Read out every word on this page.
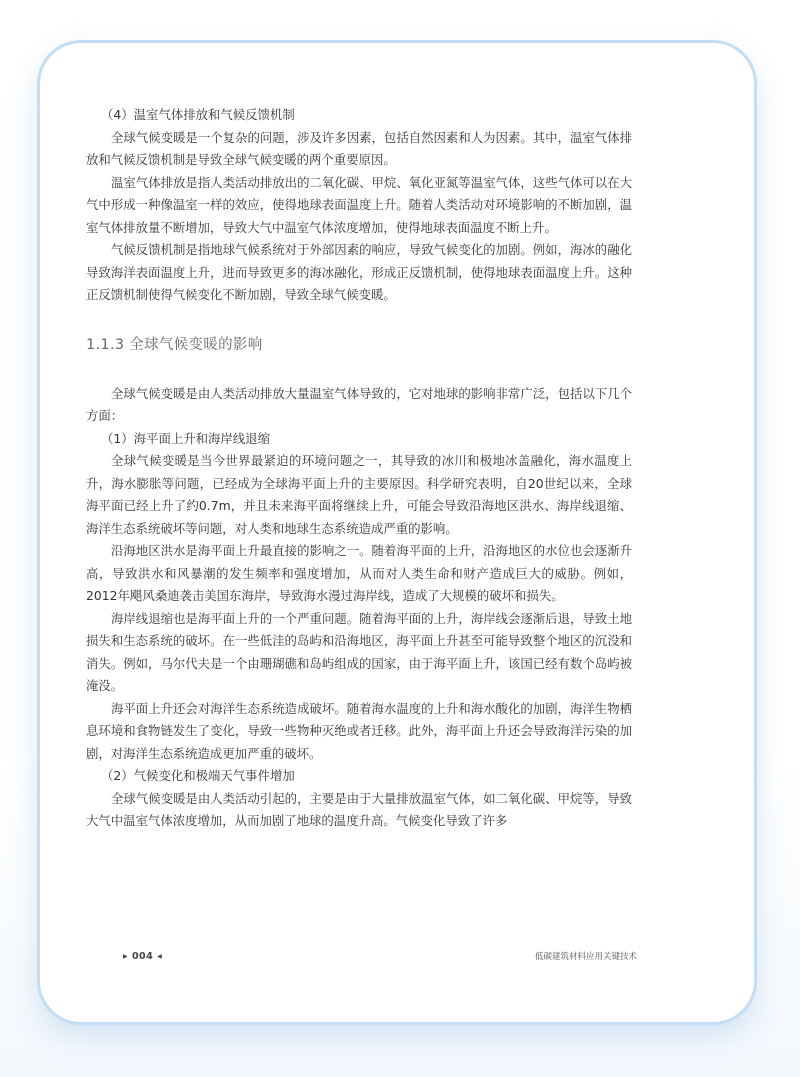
（4）温室气体排放和气候反馈机制

全球气候变暖是一个复杂的问题，涉及许多因素，包括自然因素和人为因素。其中，温室气体排放和气候反馈机制是导致全球气候变暖的两个重要原因。

温室气体排放是指人类活动排放出的二氧化碳、甲烷、氧化亚氮等温室气体，这些气体可以在大气中形成一种像温室一样的效应，使得地球表面温度上升。随着人类活动对环境影响的不断加剧，温室气体排放量不断增加，导致大气中温室气体浓度增加，使得地球表面温度不断上升。

气候反馈机制是指地球气候系统对于外部因素的响应，导致气候变化的加剧。例如，海冰的融化导致海洋表面温度上升，进而导致更多的海冰融化，形成正反馈机制，使得地球表面温度上升。这种正反馈机制使得气候变化不断加剧，导致全球气候变暖。

1.1.3 全球气候变暖的影响

全球气候变暖是由人类活动排放大量温室气体导致的，它对地球的影响非常广泛，包括以下几个方面：

（1）海平面上升和海岸线退缩

全球气候变暖是当今世界最紧迫的环境问题之一，其导致的冰川和极地冰盖融化，海水温度上升，海水膨胀等问题，已经成为全球海平面上升的主要原因。科学研究表明，自20世纪以来，全球海平面已经上升了约0.7m，并且未来海平面将继续上升，可能会导致沿海地区洪水、海岸线退缩、海洋生态系统破坏等问题，对人类和地球生态系统造成严重的影响。

沿海地区洪水是海平面上升最直接的影响之一。随着海平面的上升，沿海地区的水位也会逐渐升高，导致洪水和风暴潮的发生频率和强度增加，从而对人类生命和财产造成巨大的威胁。例如，2012年飓风桑迪袭击美国东海岸，导致海水漫过海岸线，造成了大规模的破坏和损失。

海岸线退缩也是海平面上升的一个严重问题。随着海平面的上升，海岸线会逐渐后退，导致土地损失和生态系统的破坏。在一些低洼的岛屿和沿海地区，海平面上升甚至可能导致整个地区的沉没和消失。例如，马尔代夫是一个由珊瑚礁和岛屿组成的国家，由于海平面上升，该国已经有数个岛屿被淹没。

海平面上升还会对海洋生态系统造成破坏。随着海水温度的上升和海水酸化的加剧，海洋生物栖息环境和食物链发生了变化，导致一些物种灭绝或者迁移。此外，海平面上升还会导致海洋污染的加剧，对海洋生态系统造成更加严重的破坏。

（2）气候变化和极端天气事件增加

全球气候变暖是由人类活动引起的，主要是由于大量排放温室气体，如二氧化碳、甲烷等，导致大气中温室气体浓度增加，从而加剧了地球的温度升高。气候变化导致了许多

▶ 004 ◀	低碳建筑材料应用关键技术
